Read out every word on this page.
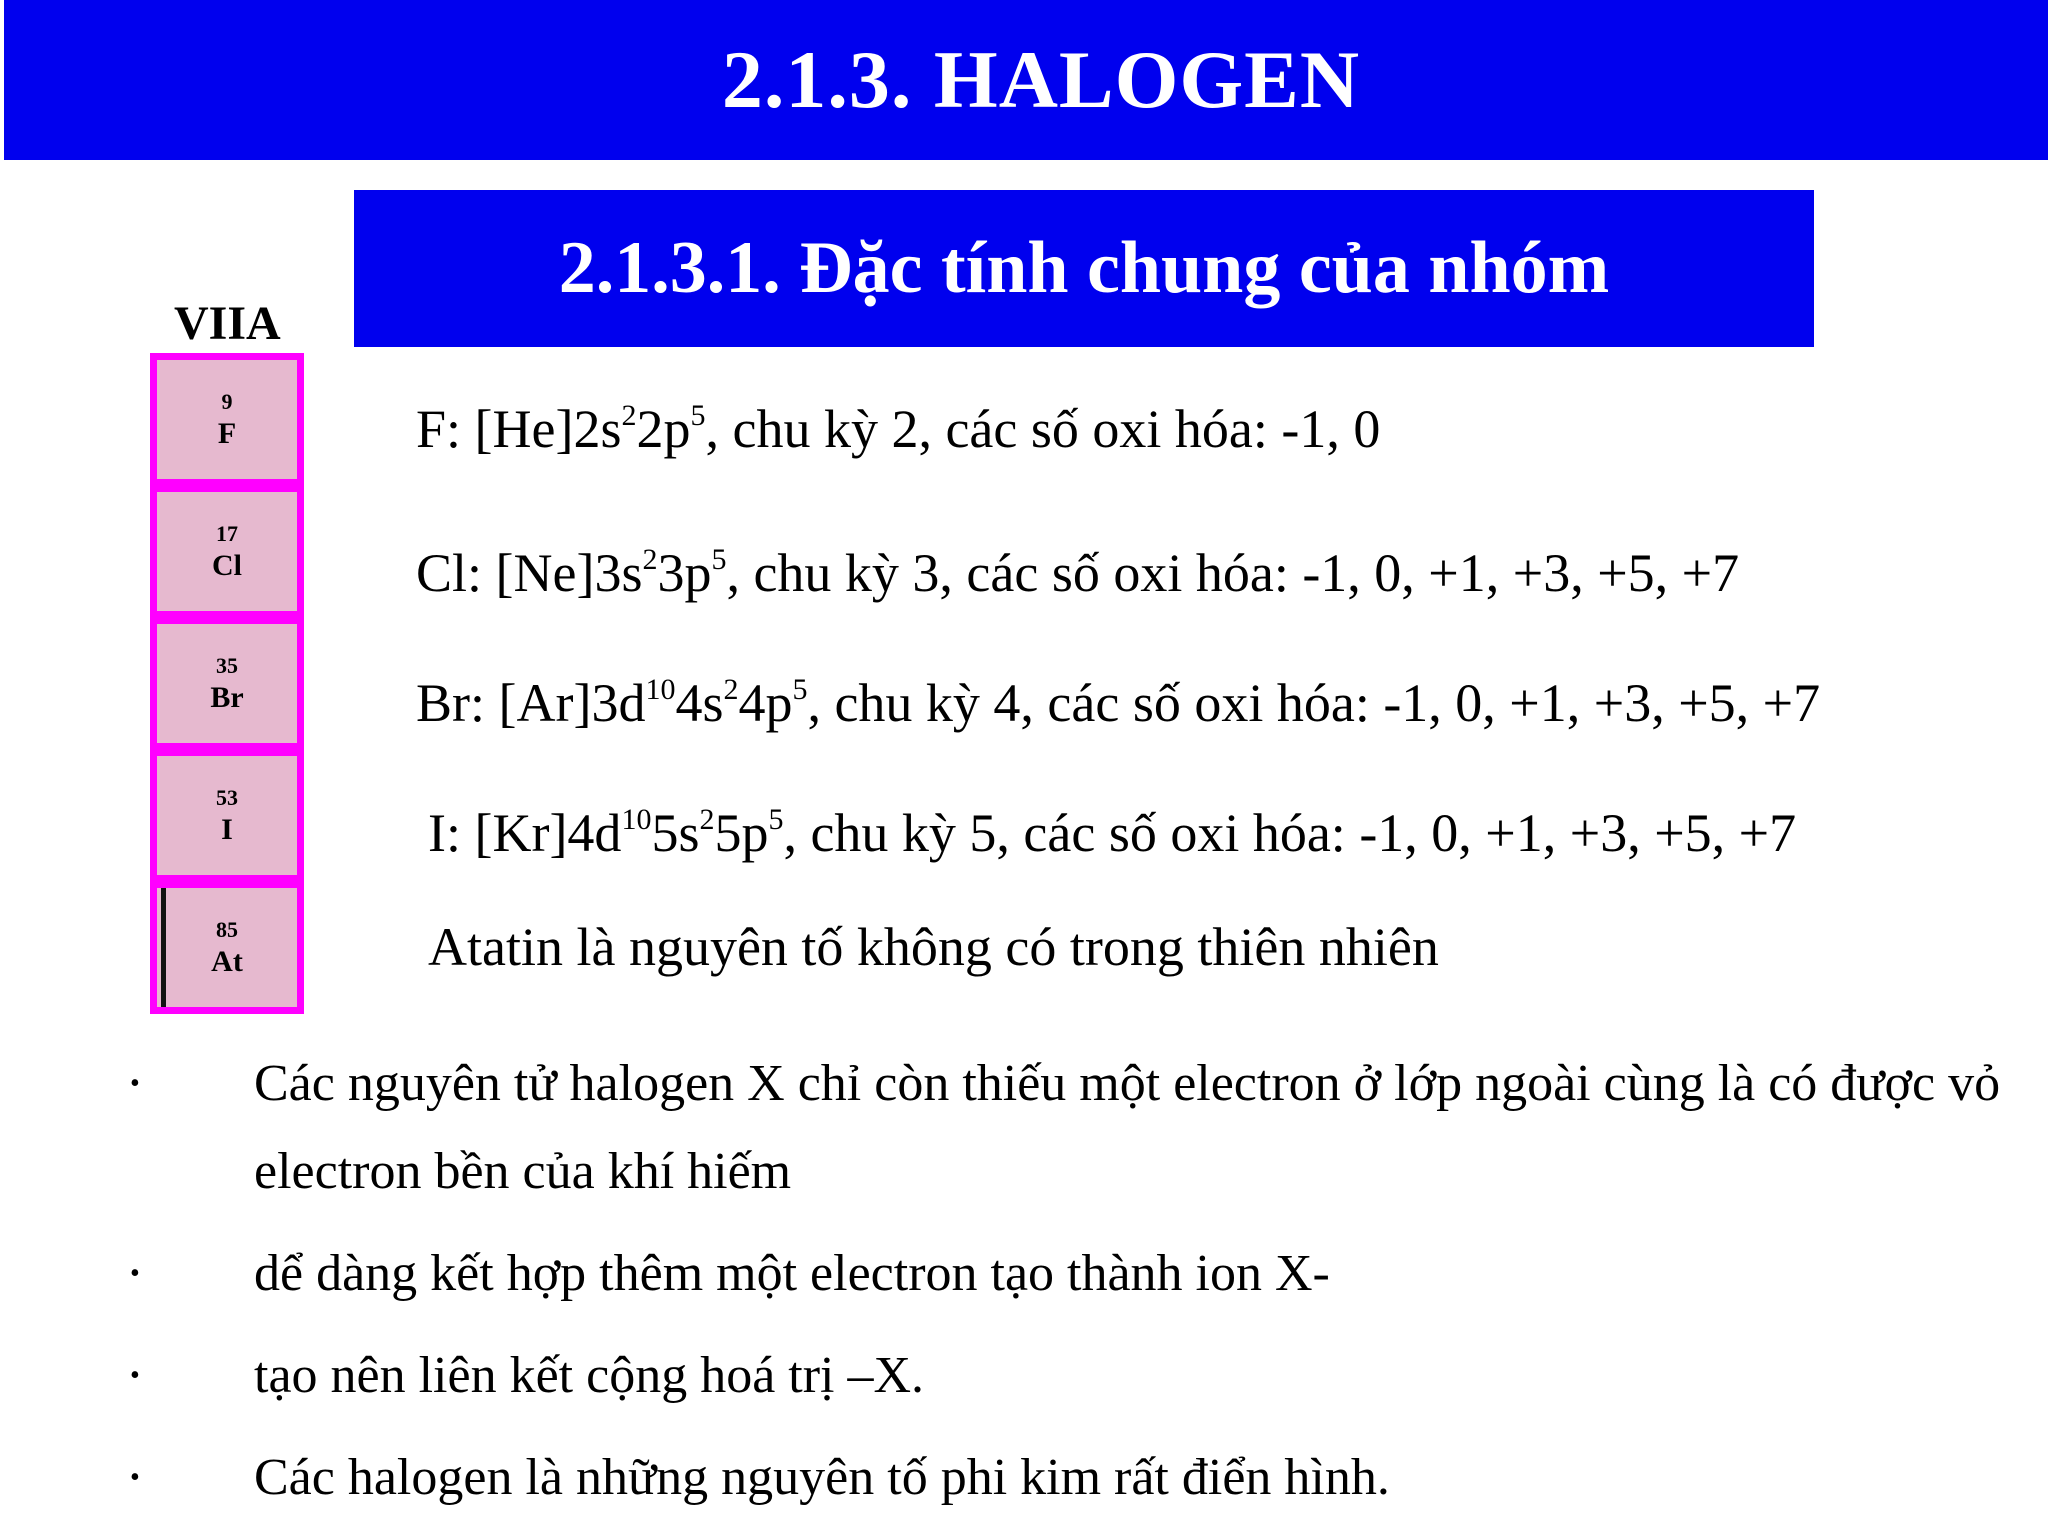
2.1.3. HALOGEN
2.1.3.1. Đặc tính chung của nhóm
VIIA
9
F
17
Cl
35
Br
53
I
85
At
F: $[He]2s^22p^5$, chu kỳ 2, các số oxi hóa: -1, 0
Cl: $[Ne]3s^23p^5$, chu kỳ 3, các số oxi hóa: -1, 0, +1, +3, +5, +7
Br: $[Ar]3d^{10}4s^24p^5$, chu kỳ 4, các số oxi hóa: -1, 0, +1, +3, +5, +7
I: $[Kr]4d^{10}5s^25p^5$, chu kỳ 5, các số oxi hóa: -1, 0, +1, +3, +5, +7
Atatin là nguyên tố không có trong thiên nhiên
• Các nguyên tử halogen X chỉ còn thiếu một electron ở lớp ngoài cùng là có được vỏ electron bền của khí hiếm
• dể dàng kết hợp thêm một electron tạo thành ion X-
• tạo nên liên kết cộng hoá trị –X.
• Các halogen là những nguyên tố phi kim rất điển hình.
